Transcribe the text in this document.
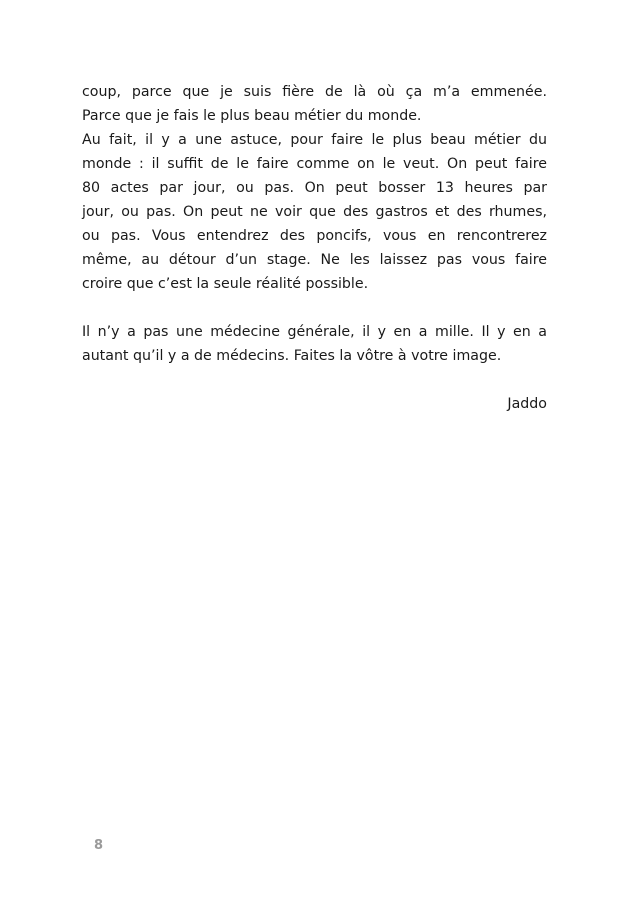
coup, parce que je suis fière de là où ça m’a emmenée.
Parce que je fais le plus beau métier du monde.
Au fait, il y a une astuce, pour faire le plus beau métier du
monde : il suffit de le faire comme on le veut. On peut faire
80 actes par jour, ou pas. On peut bosser 13 heures par
jour, ou pas. On peut ne voir que des gastros et des rhumes,
ou pas. Vous entendrez des poncifs, vous en rencontrerez
même, au détour d’un stage. Ne les laissez pas vous faire
croire que c’est la seule réalité possible.
Il n’y a pas une médecine générale, il y en a mille. Il y en a
autant qu’il y a de médecins. Faites la vôtre à votre image.
Jaddo
8
